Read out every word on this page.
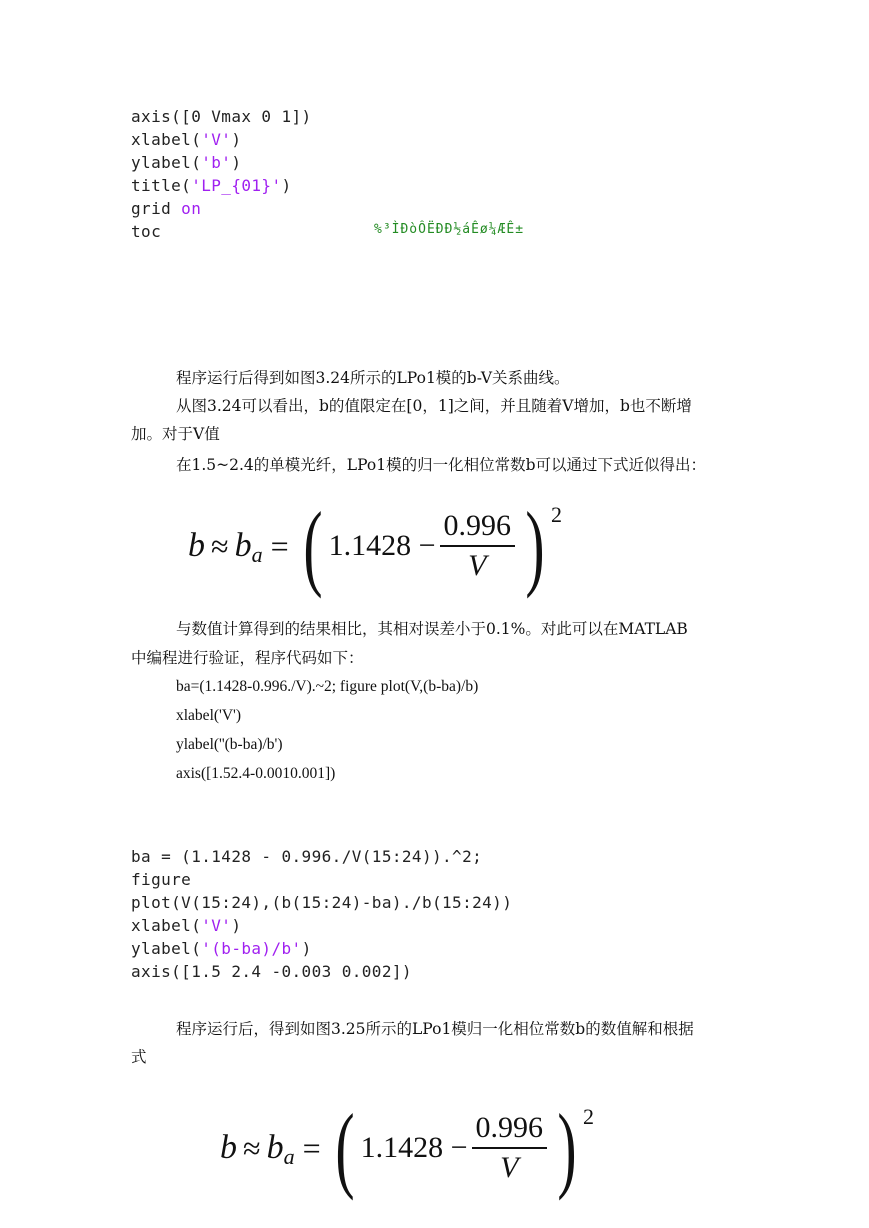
axis([0 Vmax 0 1])
xlabel('V')
ylabel('b')
title('LP_{01}')
grid on
toc	%³ÌÐòÔËÐÐ½áÊø¼ÆÊ±
程序运行后得到如图3.24所示的LPo1模的b-V关系曲线。
从图3.24可以看出，b的值限定在[0，1]之间，并且随着V增加，b也不断增
加。对于V值
在1.5~2.4的单模光纤，LPo1模的归一化相位常数b可以通过下式近似得出：
b ≈ b a = ( $1.1428 - \frac{0.996}{V}$ ) 2
与数值计算得到的结果相比，其相对误差小于0.1%。对此可以在MATLAB
中编程进行验证，程序代码如下：
ba=(1.1428-0.996./V).~2; figure plot(V,(b-ba)/b)
xlabel('V')
ylabel(''(b-ba)/b')
axis([1.52.4-0.0010.001])
ba = (1.1428 - 0.996./V(15:24)).^2;
figure
plot(V(15:24),(b(15:24)-ba)./b(15:24))
xlabel('V')
ylabel('(b-ba)/b')
axis([1.5 2.4 -0.003 0.002])
程序运行后，得到如图3.25所示的LPo1模归一化相位常数b的数值解和根据
式
b ≈ b a = ( $1.1428 - \frac{0.996}{V}$ ) 2
